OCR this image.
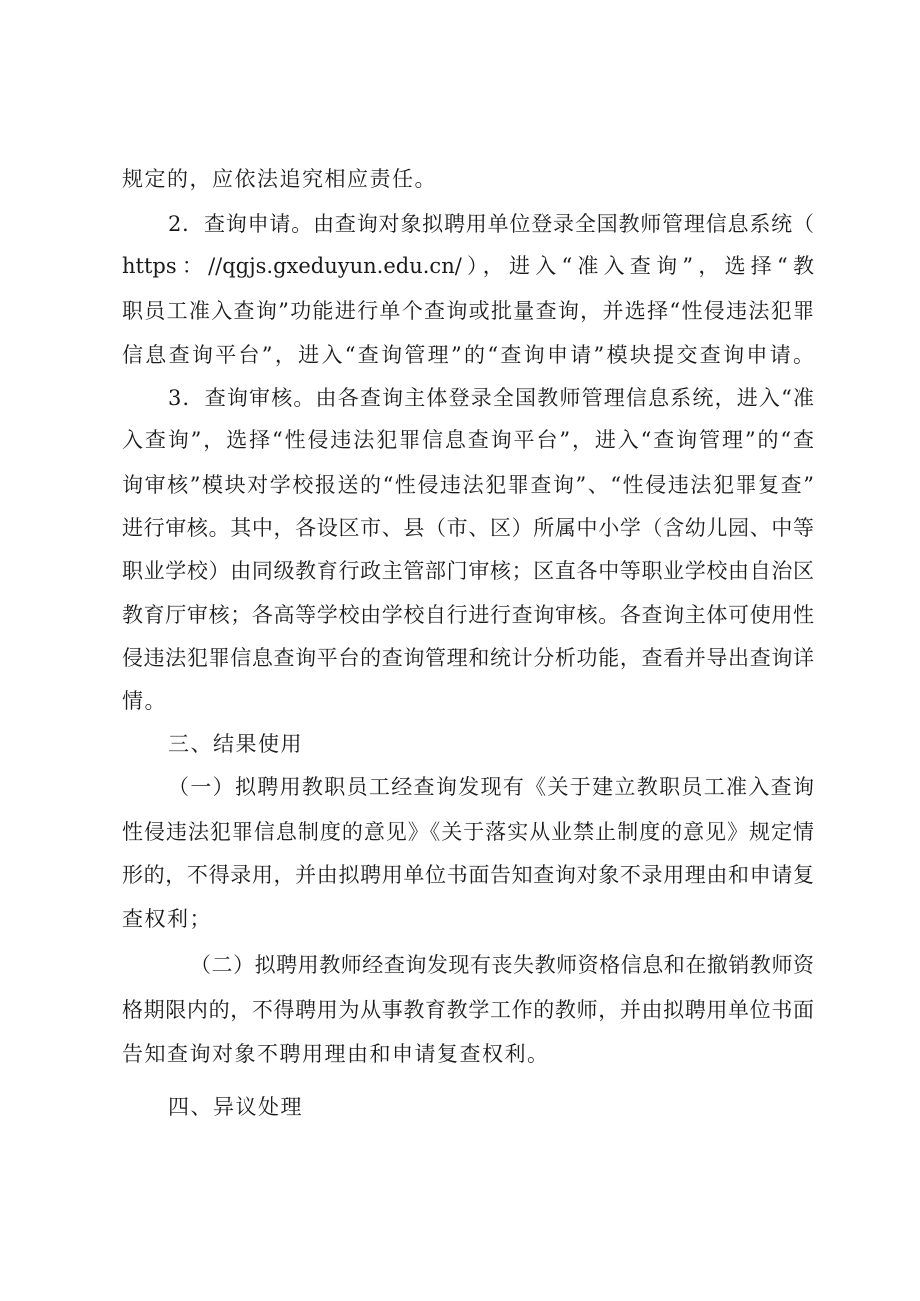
规定的，应依法追究相应责任。
2．查询申请。由查询对象拟聘用单位登录全国教师管理信息系统（
https：//qgjs.gxeduyun.edu.cn/），进入“准入查询”，选择“教
职员工准入查询”功能进行单个查询或批量查询，并选择“性侵违法犯罪
信息查询平台”，进入“查询管理”的“查询申请”模块提交查询申请。
3．查询审核。由各查询主体登录全国教师管理信息系统，进入“准
入查询”，选择“性侵违法犯罪信息查询平台”，进入“查询管理”的“查
询审核”模块对学校报送的“性侵违法犯罪查询”、“性侵违法犯罪复查”
进行审核。其中，各设区市、县（市、区）所属中小学（含幼儿园、中等
职业学校）由同级教育行政主管部门审核；区直各中等职业学校由自治区
教育厅审核；各高等学校由学校自行进行查询审核。各查询主体可使用性
侵违法犯罪信息查询平台的查询管理和统计分析功能，查看并导出查询详
情。
三、结果使用
（一）拟聘用教职员工经查询发现有《关于建立教职员工准入查询
性侵违法犯罪信息制度的意见》《关于落实从业禁止制度的意见》规定情
形的，不得录用，并由拟聘用单位书面告知查询对象不录用理由和申请复
查权利；
（二）拟聘用教师经查询发现有丧失教师资格信息和在撤销教师资
格期限内的，不得聘用为从事教育教学工作的教师，并由拟聘用单位书面
告知查询对象不聘用理由和申请复查权利。
四、异议处理
